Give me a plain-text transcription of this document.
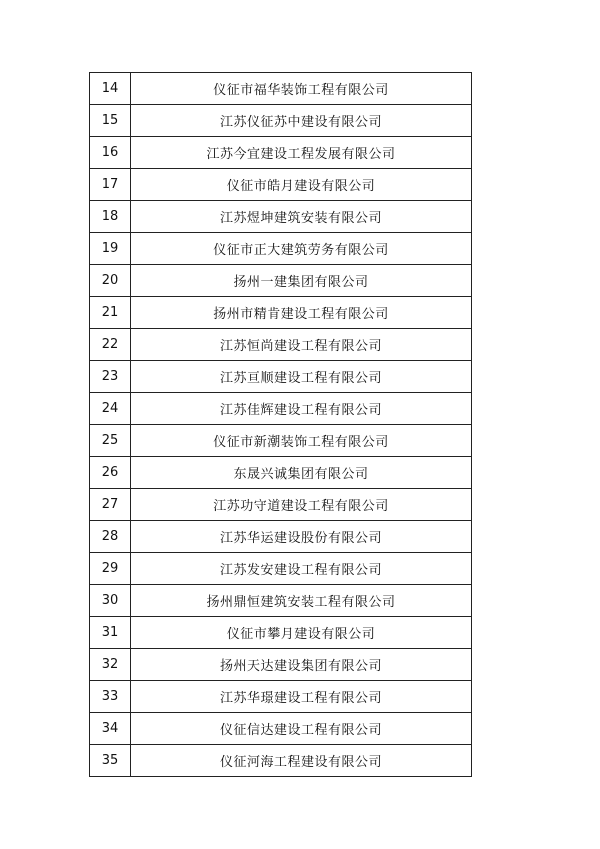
14	仪征市福华装饰工程有限公司
15	江苏仪征苏中建设有限公司
16	江苏今宜建设工程发展有限公司
17	仪征市皓月建设有限公司
18	江苏煜坤建筑安装有限公司
19	仪征市正大建筑劳务有限公司
20	扬州一建集团有限公司
21	扬州市精肯建设工程有限公司
22	江苏恒尚建设工程有限公司
23	江苏亘顺建设工程有限公司
24	江苏佳辉建设工程有限公司
25	仪征市新潮装饰工程有限公司
26	东晟兴诚集团有限公司
27	江苏功守道建设工程有限公司
28	江苏华运建设股份有限公司
29	江苏发安建设工程有限公司
30	扬州鼎恒建筑安装工程有限公司
31	仪征市攀月建设有限公司
32	扬州天达建设集团有限公司
33	江苏华璟建设工程有限公司
34	仪征信达建设工程有限公司
35	仪征河海工程建设有限公司
